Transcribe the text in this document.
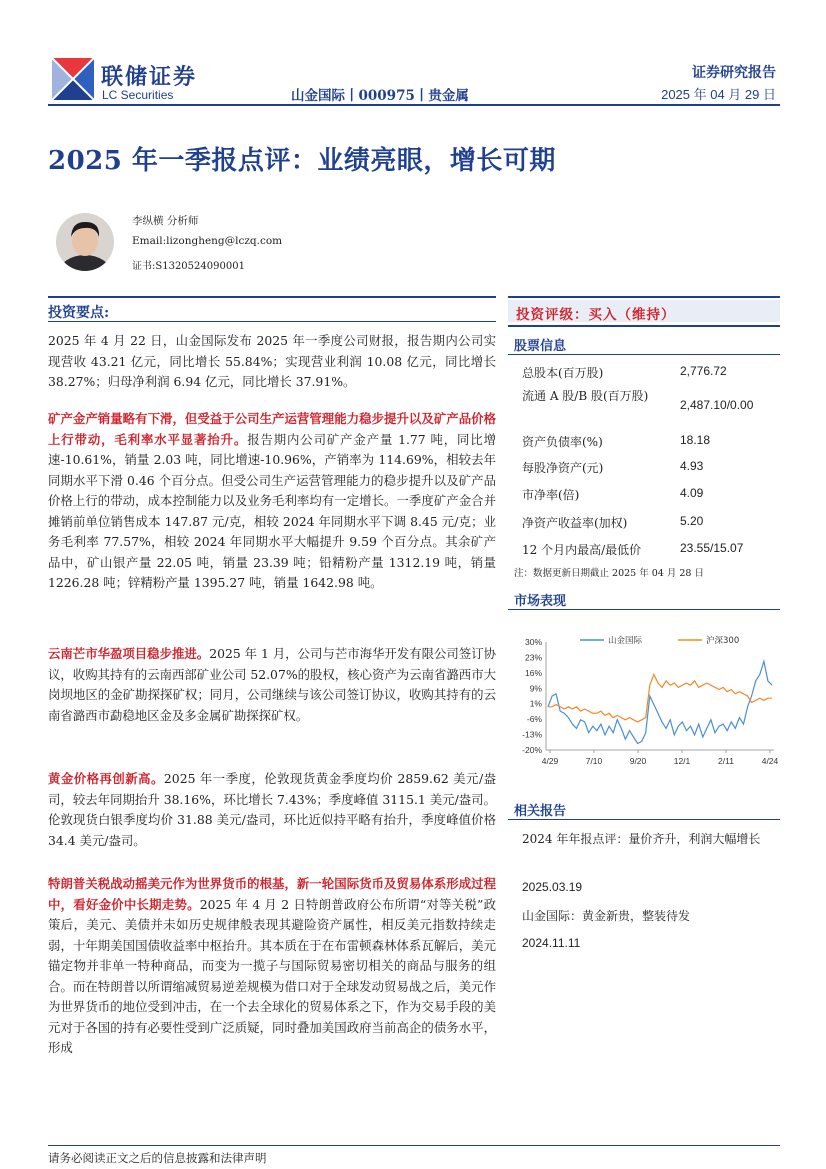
联储证券
LC Securities	山金国际丨000975丨贵金属
证券研究报告
2025 年 04 月 29 日
2025 年一季报点评：业绩亮眼，增长可期
李纵横 分析师
Email:lizongheng@lczq.com
证书:S1320524090001
投资要点:

2025 年 4 月 22 日，山金国际发布 2025 年一季度公司财报，报告期内公司实现营收 43.21 亿元，同比增长 55.84%；实现营业利润 10.08 亿元，同比增长 38.27%；归母净利润 6.94 亿元，同比增长 37.91%。

矿产金产销量略有下滑，但受益于公司生产运营管理能力稳步提升以及矿产品价格上行带动，毛利率水平显著抬升。报告期内公司矿产金产量 1.77 吨，同比增速-10.61%，销量 2.03 吨，同比增速-10.96%，产销率为 114.69%，相较去年同期水平下滑 0.46 个百分点。但受公司生产运营管理能力的稳步提升以及矿产品价格上行的带动，成本控制能力以及业务毛利率均有一定增长。一季度矿产金合并摊销前单位销售成本 147.87 元/克，相较 2024 年同期水平下调 8.45 元/克；业务毛利率 77.57%，相较 2024 年同期水平大幅提升 9.59 个百分点。其余矿产品中，矿山银产量 22.05 吨，销量 23.39 吨；铅精粉产量 1312.19 吨，销量 1226.28 吨；锌精粉产量 1395.27 吨，销量 1642.98 吨。

云南芒市华盈项目稳步推进。2025 年 1 月，公司与芒市海华开发有限公司签订协议，收购其持有的云南西部矿业公司 52.07%的股权，核心资产为云南省潞西市大岗坝地区的金矿勘探探矿权；同月，公司继续与该公司签订协议，收购其持有的云南省潞西市勐稳地区金及多金属矿勘探探矿权。

黄金价格再创新高。2025 年一季度，伦敦现货黄金季度均价 2859.62 美元/盎司，较去年同期抬升 38.16%，环比增长 7.43%；季度峰值 3115.1 美元/盎司。伦敦现货白银季度均价 31.88 美元/盎司，环比近似持平略有抬升，季度峰值价格 34.4 美元/盎司。

特朗普关税战动摇美元作为世界货币的根基，新一轮国际货币及贸易体系形成过程中，看好金价中长期走势。2025 年 4 月 2 日特朗普政府公布所谓“对等关税”政策后，美元、美债并未如历史规律般表现其避险资产属性，相反美元指数持续走弱，十年期美国国债收益率中枢抬升。其本质在于在布雷顿森林体系瓦解后，美元锚定物并非单一特种商品，而变为一揽子与国际贸易密切相关的商品与服务的组合。而在特朗普以所谓缩减贸易逆差规模为借口对于全球发动贸易战之后，美元作为世界货币的地位受到冲击，在一个去全球化的贸易体系之下，作为交易手段的美元对于各国的持有必要性受到广泛质疑，同时叠加美国政府当前高企的债务水平，形成

投资评级：买入（维持）
股票信息
总股本(百万股)	2,776.72
流通 A 股/B 股(百万股)
2,487.10/0.00
资产负债率(%)	18.18
每股净资产(元)	4.93
市净率(倍)	4.09
净资产收益率(加权)	5.20
12 个月内最高/最低价	23.55/15.07
注：数据更新日期截止 2025 年 04 月 28 日
市场表现
30%
23%
16%
9%
1%
-6%
-13%
-20%
4/29	7/10	9/20	12/1	2/11	4/24
山金国际	沪深300
相关报告
2024 年年报点评：量价齐升，利润大幅增长
2025.03.19
山金国际：黄金新贵，整装待发
2024.11.11
请务必阅读正文之后的信息披露和法律声明
